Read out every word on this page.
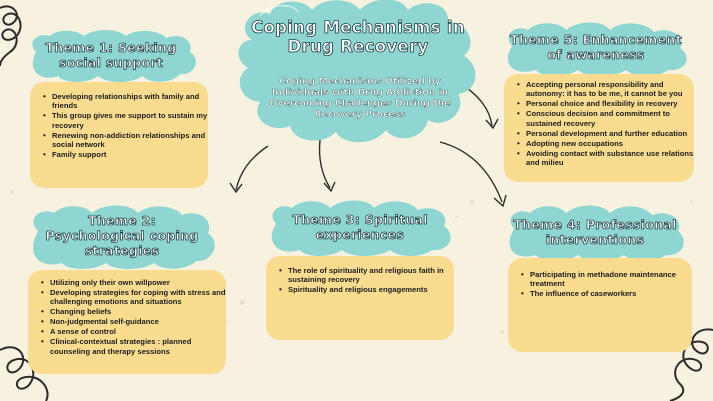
Coping Mechanisms in
Drug Recovery
Coping Mechanisms Utilized by Individuals with Drug Addiction in Overcoming Challenges During the Recovery Process
Theme 1: Seeking
social support
• Developing relationships with family and friends
• This group gives me support to sustain my recovery
• Renewing non-addiction relationships and social network
• Family support
Theme 2:
Psychological coping
strategies
• Utilizing only their own willpower
• Developing strategies for coping with stress and challenging emotions and situations
• Changing beliefs
• Non-judgmental self-guidance
• A sense of control
• Clinical-contextual strategies : planned counseling and therapy sessions
Theme 3: Spiritual
experiences
• The role of spirituality and religious faith in sustaining recovery
• Spirituality and religious engagements
Theme 4: Professional
interventions
• Participating in methadone maintenance treatment
• The influence of caseworkers
Theme 5: Enhancement
of awareness
• Accepting personal responsibility and autonomy: it has to be me, it cannot be you
• Personal choice and flexibility in recovery
• Conscious decision and commitment to sustained recovery
• Personal development and further education
• Adopting new occupations
• Avoiding contact with substance use relations and milieu
